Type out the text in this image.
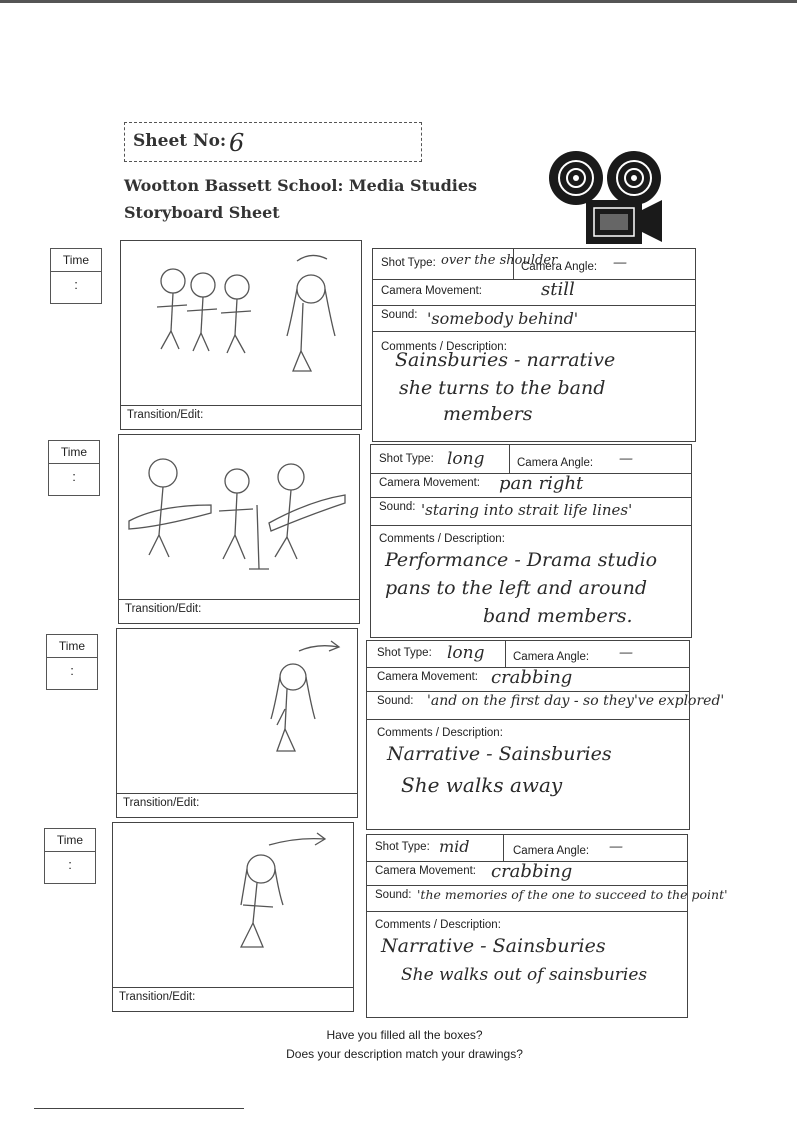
Sheet No: 6
Wootton Bassett School: Media Studies
Storyboard Sheet
Time
:
Transition/Edit:
Shot Type: over the shoulder
Camera Angle: —
Camera Movement:	still
Sound: 'somebody behind'
Comments / Description:
Sainsburies - narrative
she turns to the band
members
Time
:
Transition/Edit:
Shot Type: long	Camera Angle: —
Camera Movement: pan right
Sound: 'staring into strait life lines'
Comments / Description:
Performance - Drama studio
pans to the left and around
band members.
Time
:
Transition/Edit:
Shot Type: long Camera Angle: —
Camera Movement: crabbing
Sound: 'and on the first day - so they've explored'
Comments / Description:
Narrative - Sainsburies
She walks away
Time
:
Transition/Edit:
Shot Type: mid	Camera Angle: —
Camera Movement: crabbing
Sound: 'the memories of the one to succeed to the point'
Comments / Description:
Narrative - Sainsburies
She walks out of sainsburies
Have you filled all the boxes?
Does your description match your drawings?
